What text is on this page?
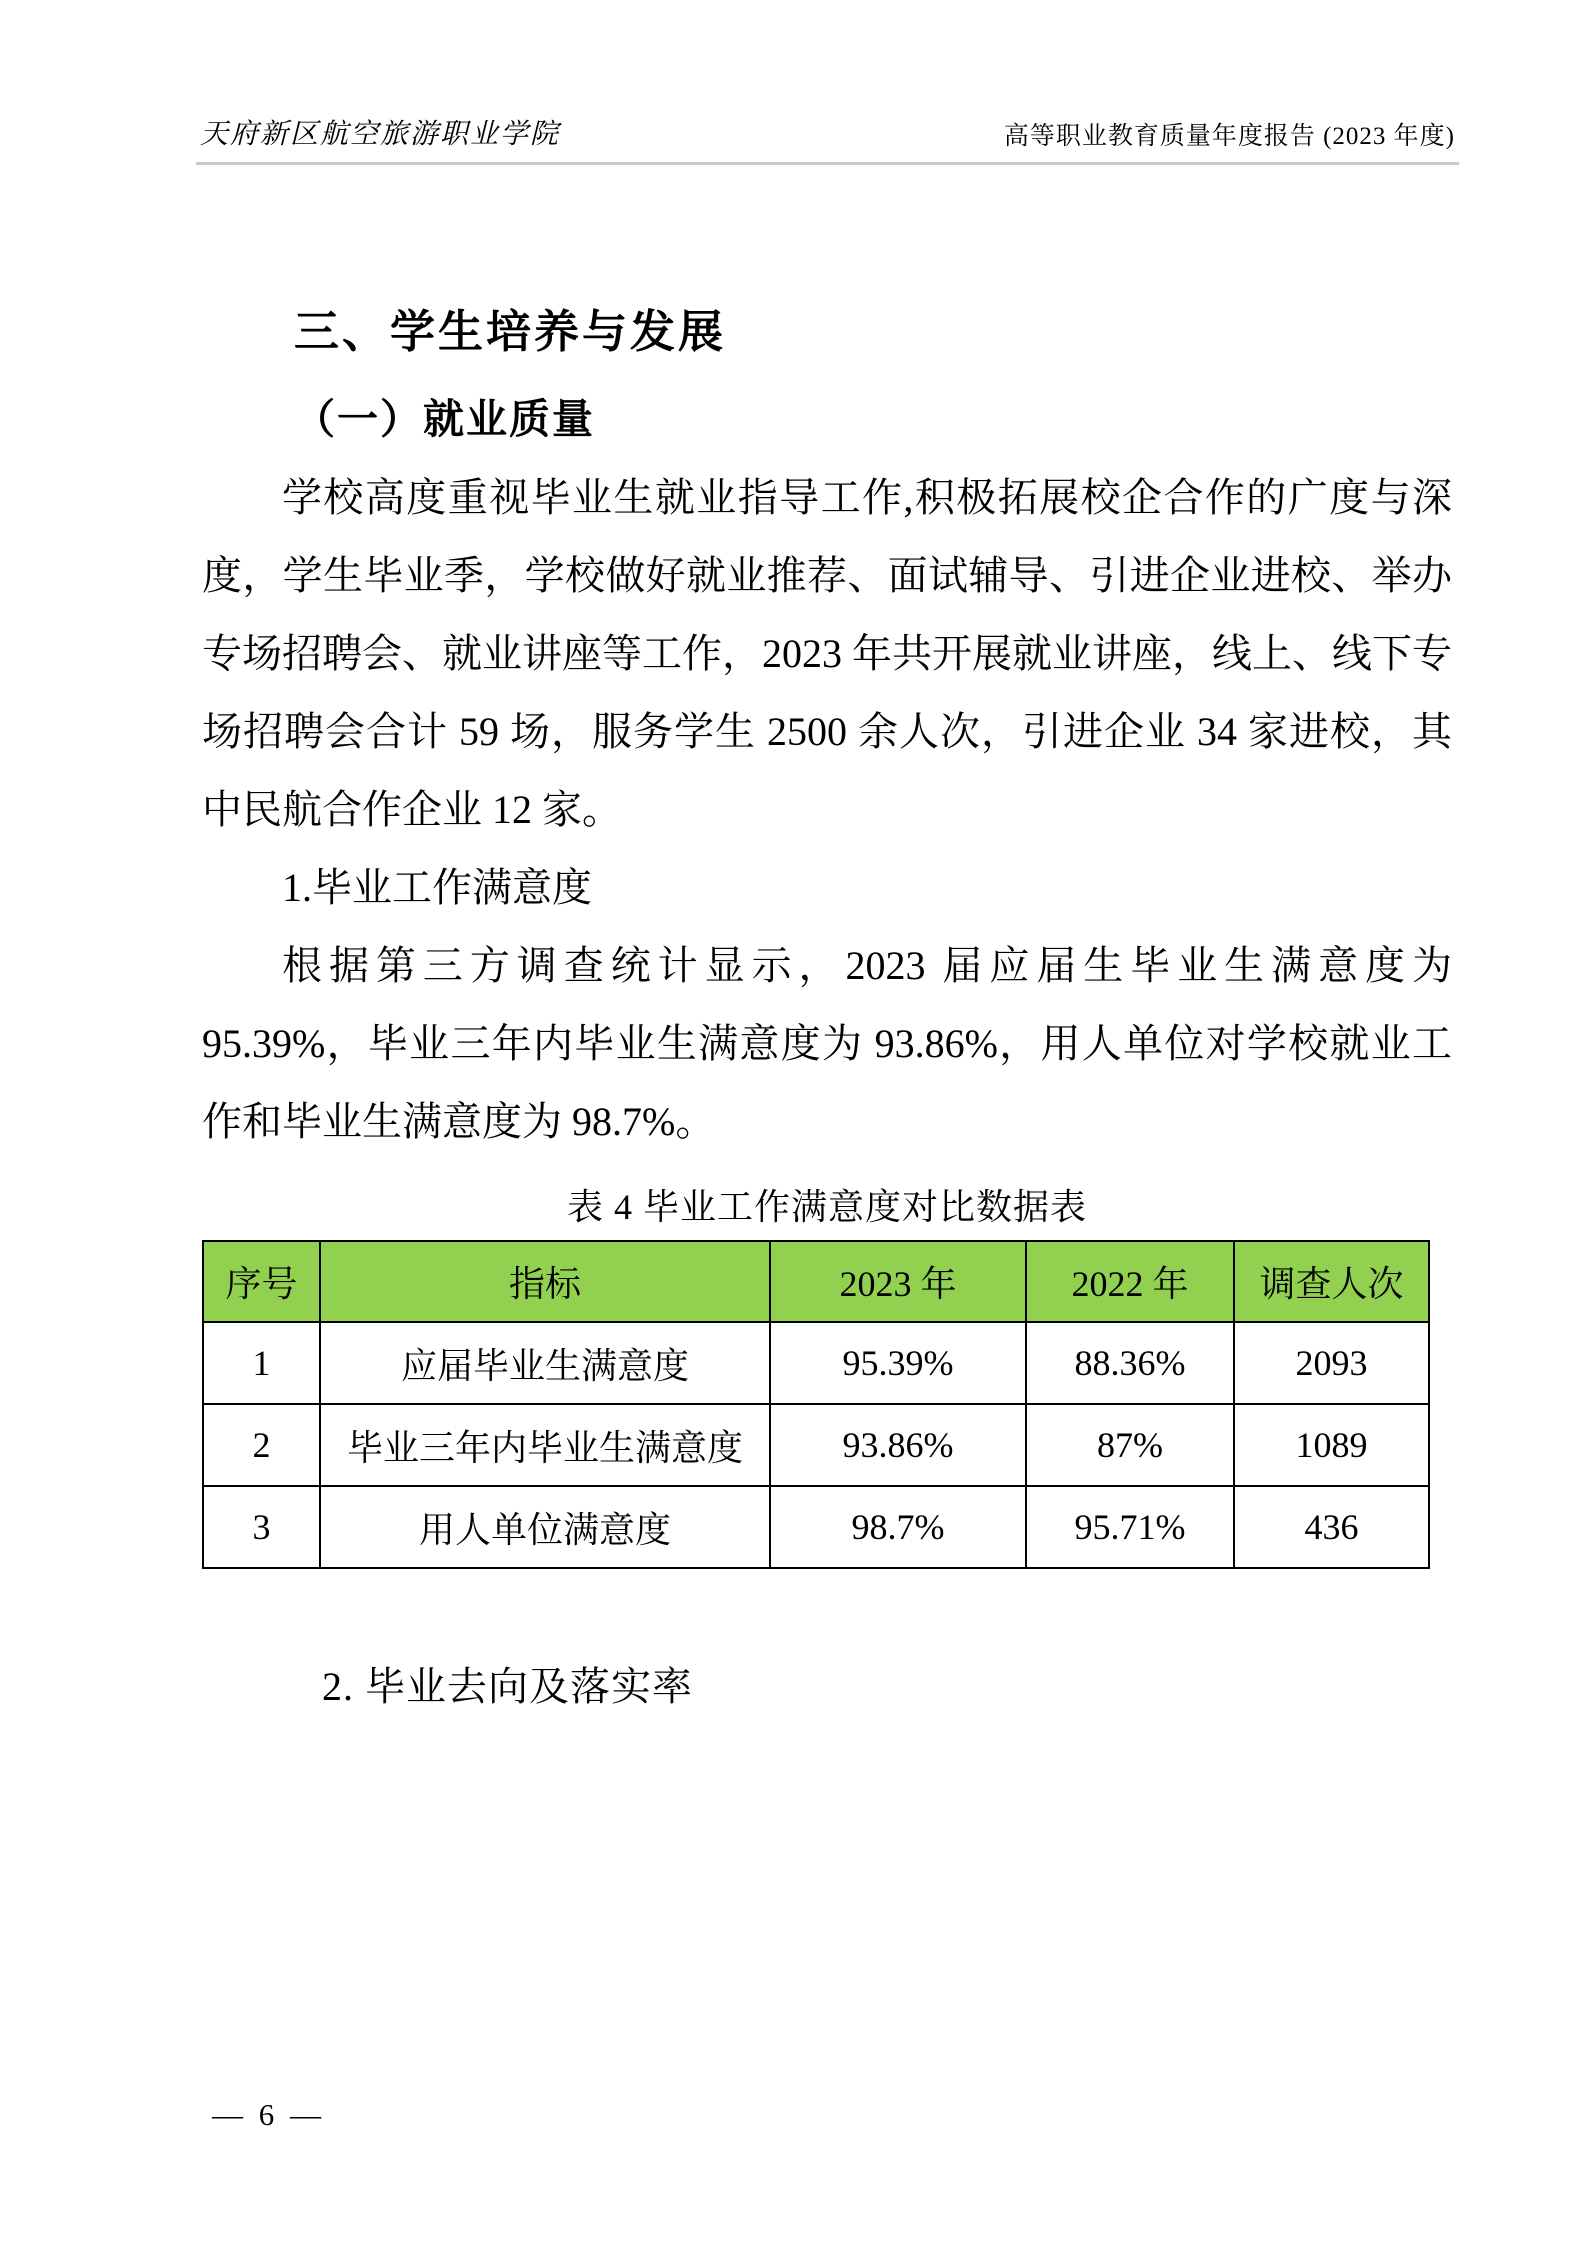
天府新区航空旅游职业学院	高等职业教育质量年度报告 (2023 年度)
三、学生培养与发展
（一）就业质量

学校高度重视毕业生就业指导工作,积极拓展校企合作的广度与深度，学生毕业季，学校做好就业推荐、面试辅导、引进企业进校、举办专场招聘会、就业讲座等工作，2023 年共开展就业讲座，线上、线下专场招聘会合计 59 场，服务学生 2500 余人次，引进企业 34 家进校，其中民航合作企业 12 家。

1.毕业工作满意度

根据第三方调查统计显示，2023 届应届生毕业生满意度为 95.39%，毕业三年内毕业生满意度为 93.86%，用人单位对学校就业工作和毕业生满意度为 98.7%。

表 4 毕业工作满意度对比数据表
序号	指标	2023 年	2022 年	调查人次
1	应届毕业生满意度	95.39%	88.36%	2093
2	毕业三年内毕业生满意度	93.86%	87%	1089
3	用人单位满意度	98.7%	95.71%	436

2. 毕业去向及落实率

— 6 —
